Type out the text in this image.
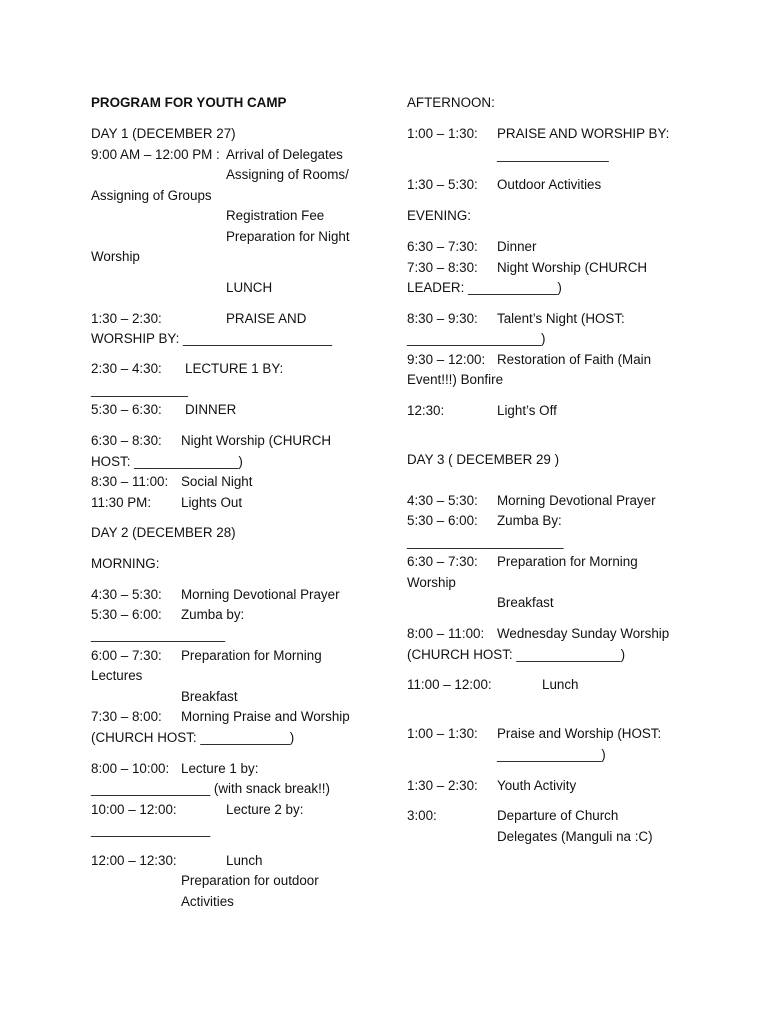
PROGRAM FOR YOUTH CAMP
DAY 1 (DECEMBER 27)
9:00 AM – 12:00 PM : Arrival of Delegates
Assigning of Rooms/
Assigning of Groups
Registration Fee
Preparation for Night
Worship
LUNCH
1:30 – 2:30:	PRAISE AND
WORSHIP BY: ____________________
2:30 – 4:30: LECTURE 1 BY:
_____________
5:30 – 6:30: DINNER
6:30 – 8:30: Night Worship (CHURCH
HOST: ______________)
8:30 – 11:00: Social Night
11:30 PM: Lights Out
DAY 2 (DECEMBER 28)
MORNING:
4:30 – 5:30: Morning Devotional Prayer
5:30 – 6:00: Zumba by:
__________________
6:00 – 7:30: Preparation for Morning
Lectures
Breakfast
7:30 – 8:00: Morning Praise and Worship
(CHURCH HOST: ____________)
8:00 – 10:00: Lecture 1 by:
________________ (with snack break!!)
10:00 – 12:00:	Lecture 2 by:
________________
12:00 – 12:30:	Lunch
Preparation for outdoor
Activities
AFTERNOON:
1:00 – 1:30: PRAISE AND WORSHIP BY:
_______________
1:30 – 5:30: Outdoor Activities
EVENING:
6:30 – 7:30: Dinner
7:30 – 8:30: Night Worship (CHURCH
LEADER: ____________)
8:30 – 9:30: Talent’s Night (HOST:
__________________)
9:30 – 12:00: Restoration of Faith (Main
Event!!!) Bonfire
12:30:	Light’s Off
DAY 3 ( DECEMBER 29 )
4:30 – 5:30: Morning Devotional Prayer
5:30 – 6:00: Zumba By:
_____________________
6:30 – 7:30: Preparation for Morning
Worship
Breakfast
8:00 – 11:00: Wednesday Sunday Worship
(CHURCH HOST: ______________)
11:00 – 12:00:	Lunch
1:00 – 1:30: Praise and Worship (HOST:
______________)
1:30 – 2:30: Youth Activity
3:00:	Departure of Church
Delegates (Manguli na :C)
